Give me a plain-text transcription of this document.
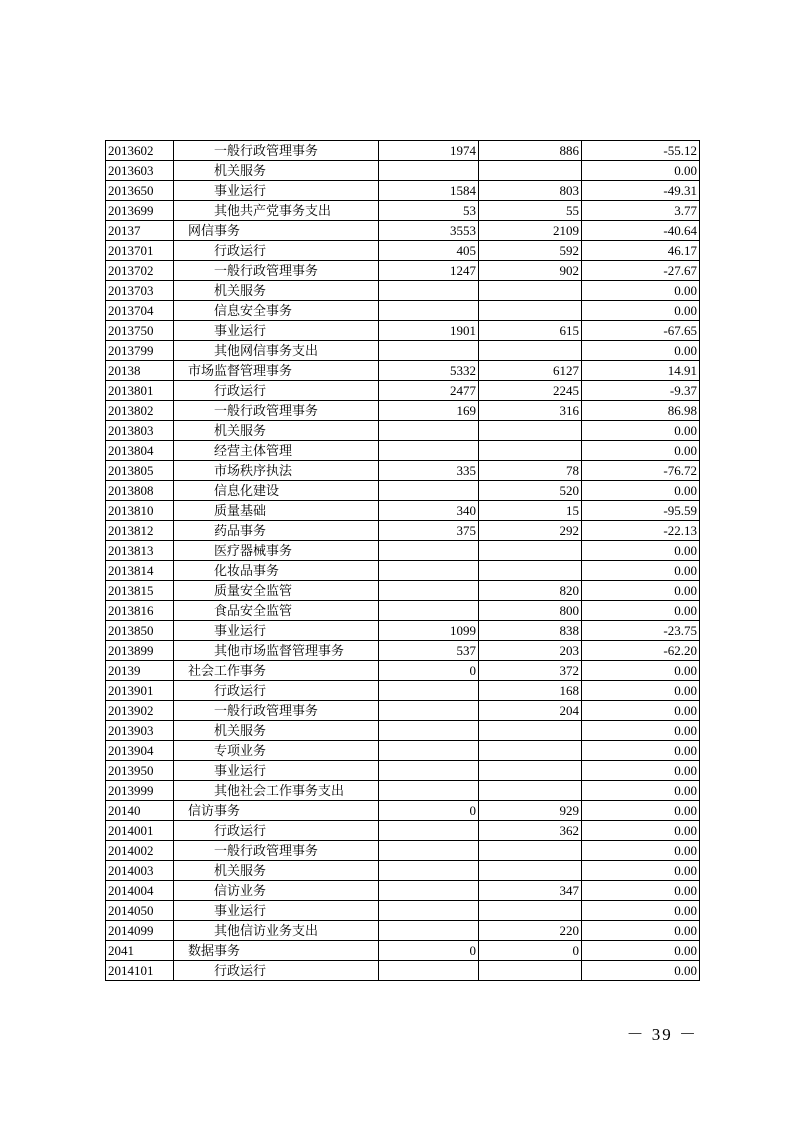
2013602	一般行政管理事务	1974	886	-55.12
2013603	机关服务			0.00
2013650	事业运行	1584	803	-49.31
2013699	其他共产党事务支出	53	55	3.77
20137	网信事务	3553	2109	-40.64
2013701	行政运行	405	592	46.17
2013702	一般行政管理事务	1247	902	-27.67
2013703	机关服务			0.00
2013704	信息安全事务			0.00
2013750	事业运行	1901	615	-67.65
2013799	其他网信事务支出			0.00
20138	市场监督管理事务	5332	6127	14.91
2013801	行政运行	2477	2245	-9.37
2013802	一般行政管理事务	169	316	86.98
2013803	机关服务			0.00
2013804	经营主体管理			0.00
2013805	市场秩序执法	335	78	-76.72
2013808	信息化建设		520	0.00
2013810	质量基础	340	15	-95.59
2013812	药品事务	375	292	-22.13
2013813	医疗器械事务			0.00
2013814	化妆品事务			0.00
2013815	质量安全监管		820	0.00
2013816	食品安全监管		800	0.00
2013850	事业运行	1099	838	-23.75
2013899	其他市场监督管理事务	537	203	-62.20
20139	社会工作事务	0	372	0.00
2013901	行政运行		168	0.00
2013902	一般行政管理事务		204	0.00
2013903	机关服务			0.00
2013904	专项业务			0.00
2013950	事业运行			0.00
2013999	其他社会工作事务支出			0.00
20140	信访事务	0	929	0.00
2014001	行政运行		362	0.00
2014002	一般行政管理事务			0.00
2014003	机关服务			0.00
2014004	信访业务		347	0.00
2014050	事业运行			0.00
2014099	其他信访业务支出		220	0.00
2041	数据事务	0	0	0.00
2014101	行政运行			0.00
－ 39 －
